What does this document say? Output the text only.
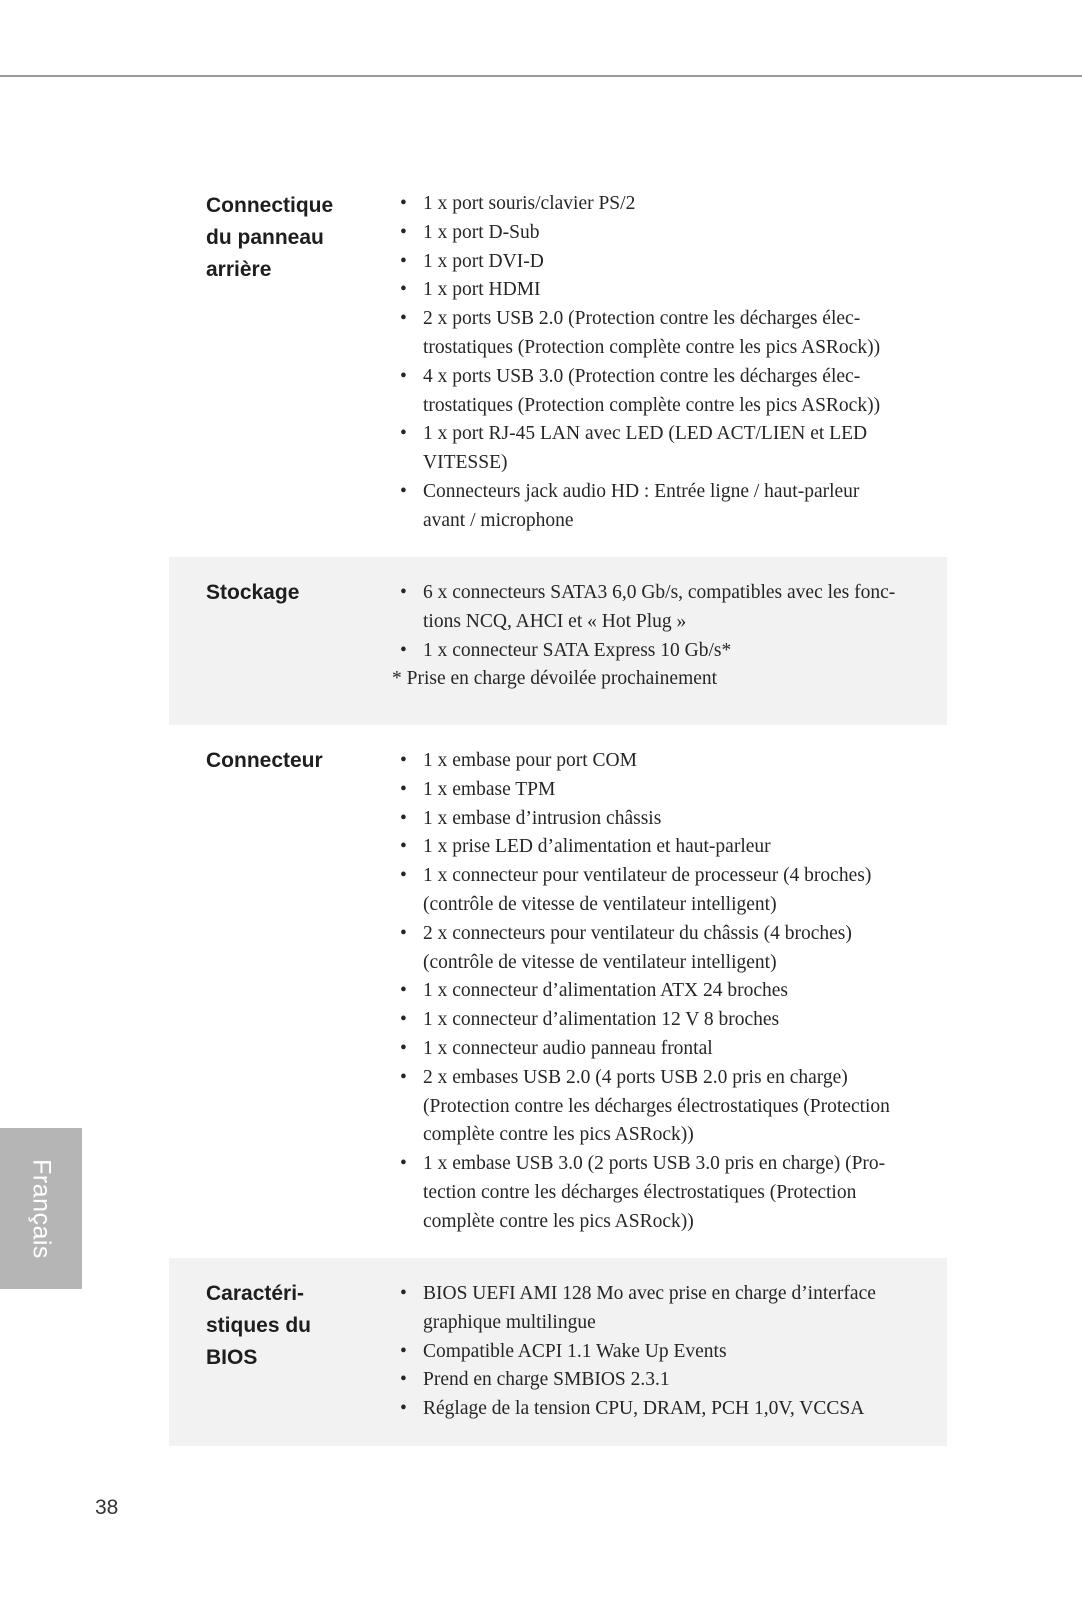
Connectique
du panneau
arrière
• 1 x port souris/clavier PS/2
• 1 x port D-Sub
• 1 x port DVI-D
• 1 x port HDMI
• 2 x ports USB 2.0 (Protection contre les décharges élec-
trostatiques (Protection complète contre les pics ASRock))
• 4 x ports USB 3.0 (Protection contre les décharges élec-
trostatiques (Protection complète contre les pics ASRock))
• 1 x port RJ-45 LAN avec LED (LED ACT/LIEN et LED
VITESSE)
• Connecteurs jack audio HD : Entrée ligne / haut-parleur
avant / microphone
Stockage	• 6 x connecteurs SATA3 6,0 Gb/s, compatibles avec les fonc-
tions NCQ, AHCI et « Hot Plug »
• 1 x connecteur SATA Express 10 Gb/s*
* Prise en charge dévoilée prochainement
Connecteur	• 1 x embase pour port COM
• 1 x embase TPM
• 1 x embase d’intrusion châssis
• 1 x prise LED d’alimentation et haut-parleur
• 1 x connecteur pour ventilateur de processeur (4 broches)
(contrôle de vitesse de ventilateur intelligent)
• 2 x connecteurs pour ventilateur du châssis (4 broches)
(contrôle de vitesse de ventilateur intelligent)
• 1 x connecteur d’alimentation ATX 24 broches
• 1 x connecteur d’alimentation 12 V 8 broches
• 1 x connecteur audio panneau frontal
• 2 x embases USB 2.0 (4 ports USB 2.0 pris en charge)
(Protection contre les décharges électrostatiques (Protection
complète contre les pics ASRock))
• 1 x embase USB 3.0 (2 ports USB 3.0 pris en charge) (Pro-
tection contre les décharges électrostatiques (Protection
complète contre les pics ASRock))
Caractéri-
stiques du
BIOS
• BIOS UEFI AMI 128 Mo avec prise en charge d’interface
graphique multilingue
• Compatible ACPI 1.1 Wake Up Events
• Prend en charge SMBIOS 2.3.1
• Réglage de la tension CPU, DRAM, PCH 1,0V, VCCSA
Français
38
